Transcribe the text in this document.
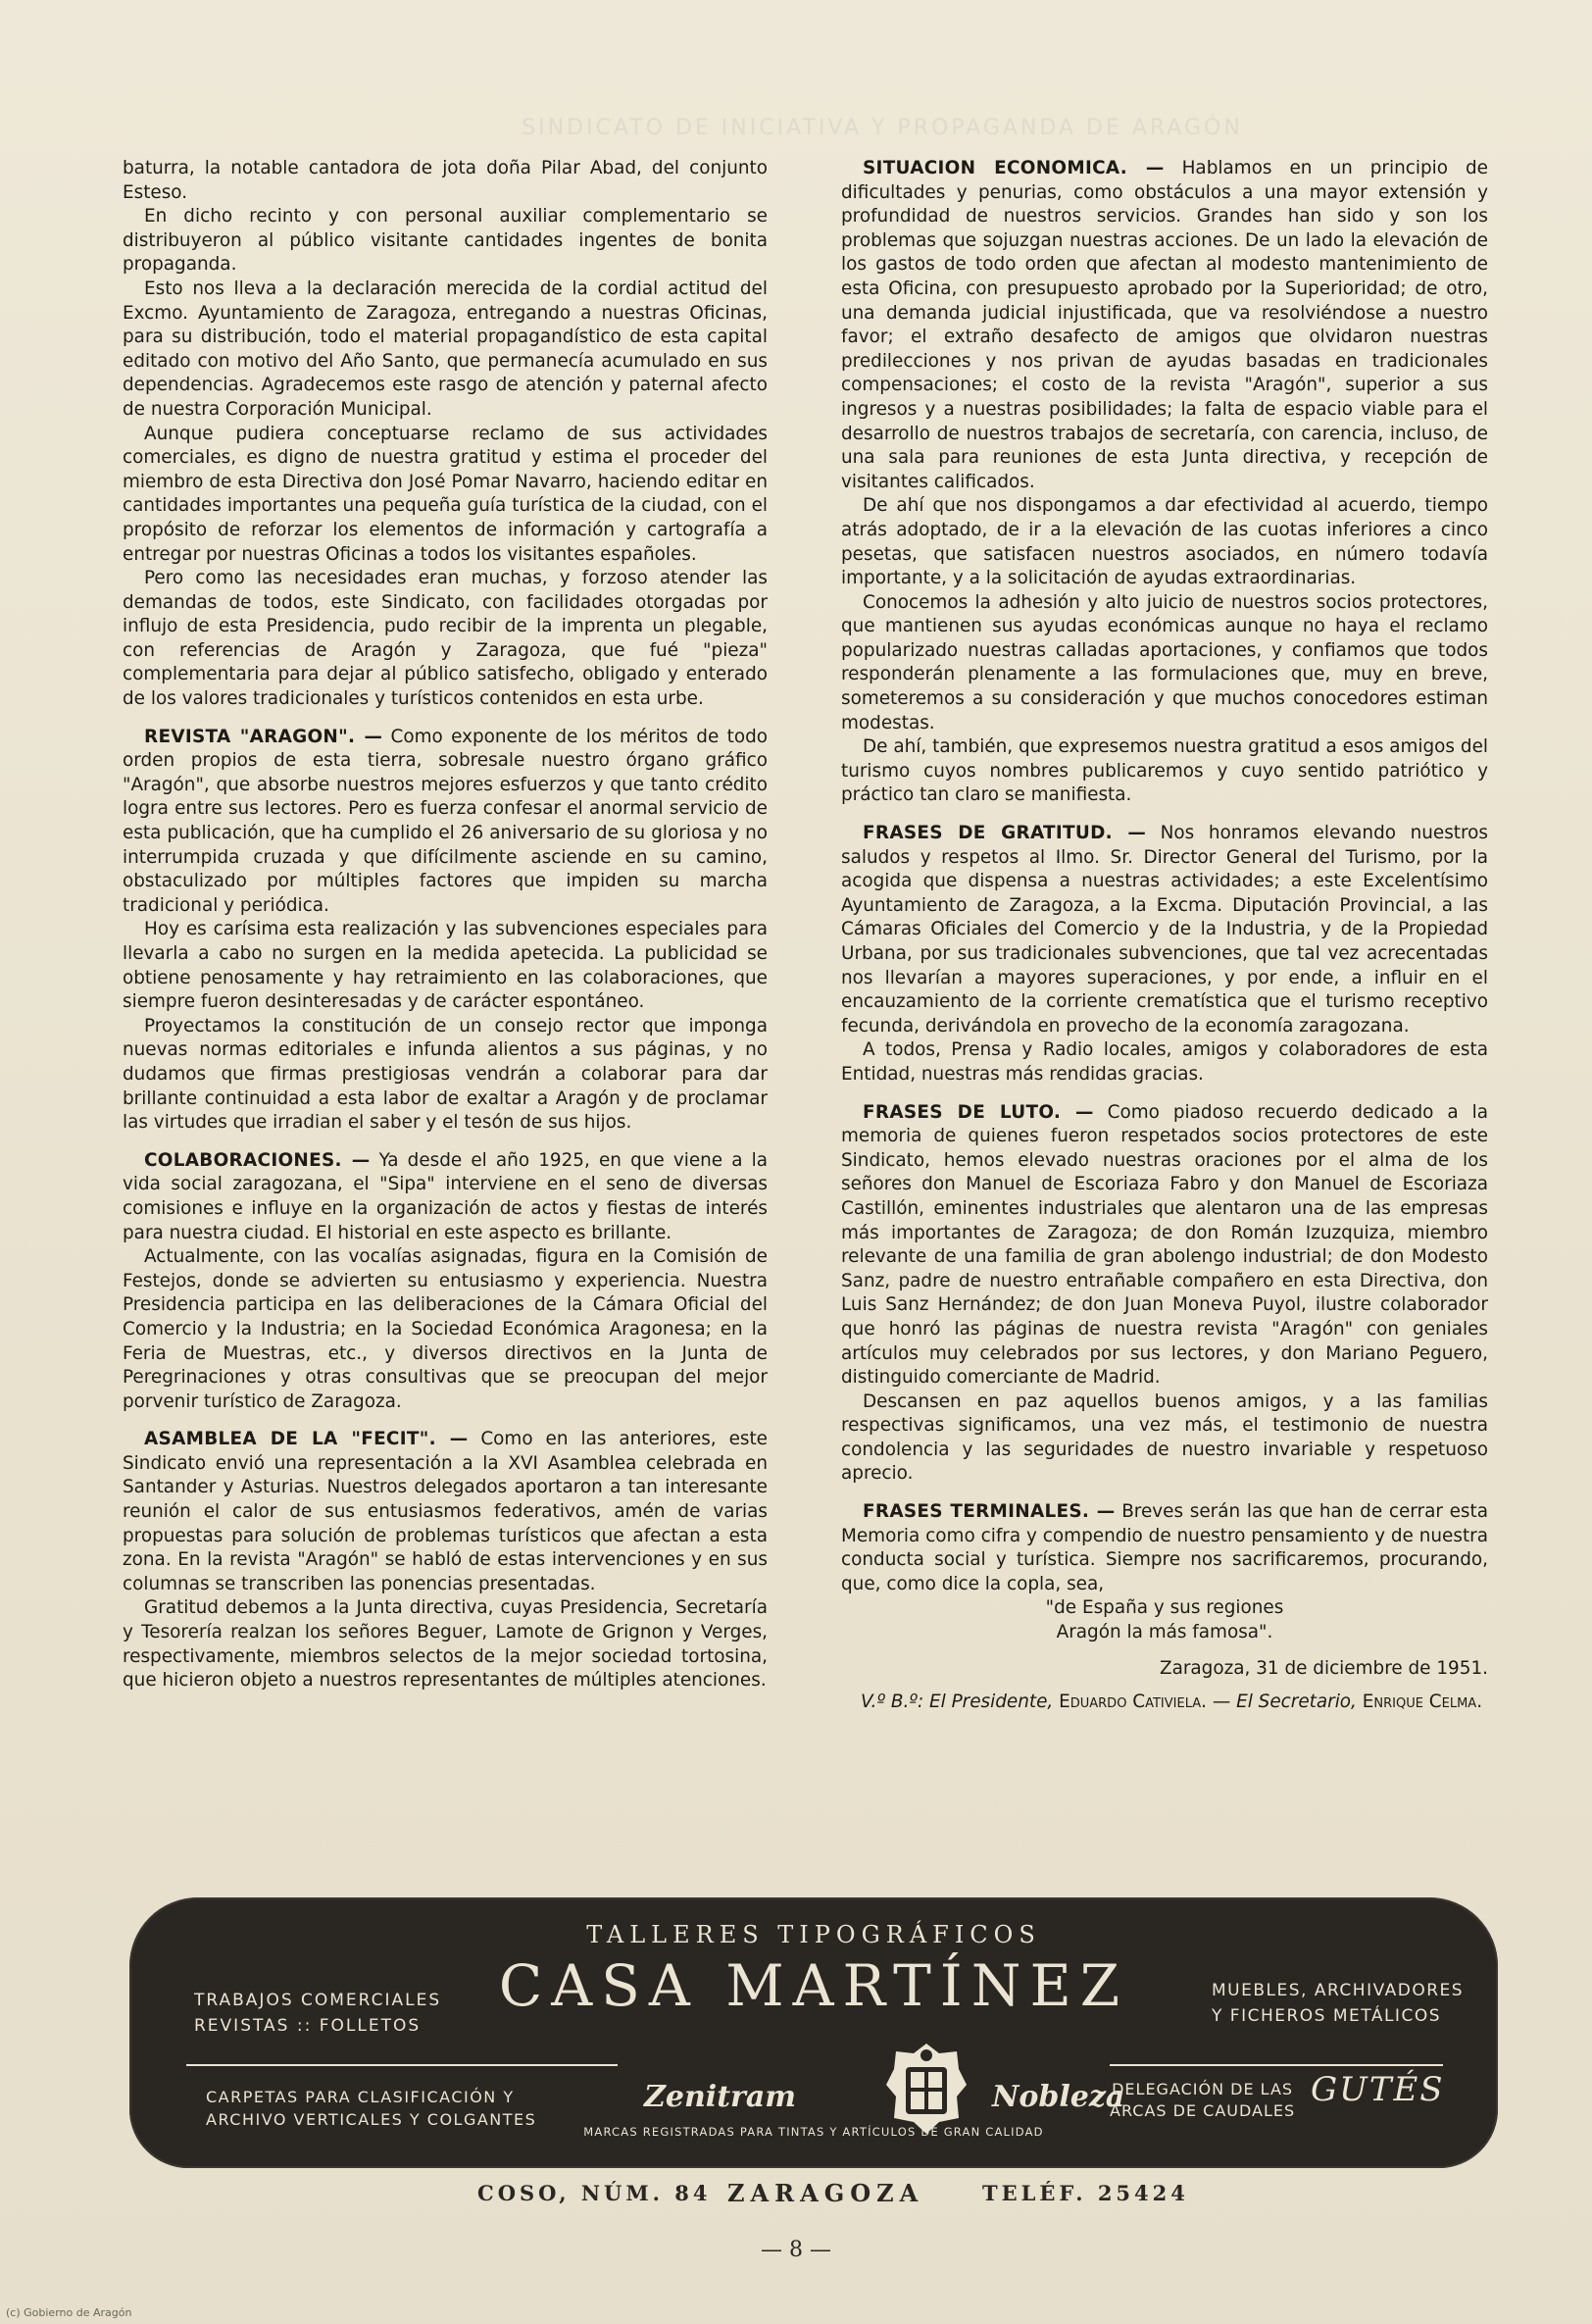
SINDICATO DE INICIATIVA Y PROPAGANDA DE ARAGÓN

baturra, la notable cantadora de jota doña Pilar Abad, del conjunto Esteso.

En dicho recinto y con personal auxiliar complementario se distribuyeron al público visitante cantidades ingentes de bonita propaganda.

Esto nos lleva a la declaración merecida de la cordial actitud del Excmo. Ayuntamiento de Zaragoza, entregando a nuestras Oficinas, para su distribución, todo el material propagandístico de esta capital editado con motivo del Año Santo, que permanecía acumulado en sus dependencias. Agradecemos este rasgo de atención y paternal afecto de nuestra Corporación Municipal.

Aunque pudiera conceptuarse reclamo de sus actividades comerciales, es digno de nuestra gratitud y estima el proceder del miembro de esta Directiva don José Pomar Navarro, haciendo editar en cantidades importantes una pequeña guía turística de la ciudad, con el propósito de reforzar los elementos de información y cartografía a entregar por nuestras Oficinas a todos los visitantes españoles.

Pero como las necesidades eran muchas, y forzoso atender las demandas de todos, este Sindicato, con facilidades otorgadas por influjo de esta Presidencia, pudo recibir de la imprenta un plegable, con referencias de Aragón y Zaragoza, que fué "pieza" complementaria para dejar al público satisfecho, obligado y enterado de los valores tradicionales y turísticos contenidos en esta urbe.

REVISTA "ARAGON". — Como exponente de los méritos de todo orden propios de esta tierra, sobresale nuestro órgano gráfico "Aragón", que absorbe nuestros mejores esfuerzos y que tanto crédito logra entre sus lectores. Pero es fuerza confesar el anormal servicio de esta publicación, que ha cumplido el 26 aniversario de su gloriosa y no interrumpida cruzada y que difícilmente asciende en su camino, obstaculizado por múltiples factores que impiden su marcha tradicional y periódica.

Hoy es carísima esta realización y las subvenciones especiales para llevarla a cabo no surgen en la medida apetecida. La publicidad se obtiene penosamente y hay retraimiento en las colaboraciones, que siempre fueron desinteresadas y de carácter espontáneo.

Proyectamos la constitución de un consejo rector que imponga nuevas normas editoriales e infunda alientos a sus páginas, y no dudamos que firmas prestigiosas vendrán a colaborar para dar brillante continuidad a esta labor de exaltar a Aragón y de proclamar las virtudes que irradian el saber y el tesón de sus hijos.

COLABORACIONES. — Ya desde el año 1925, en que viene a la vida social zaragozana, el "Sipa" interviene en el seno de diversas comisiones e influye en la organización de actos y fiestas de interés para nuestra ciudad. El historial en este aspecto es brillante.

Actualmente, con las vocalías asignadas, figura en la Comisión de Festejos, donde se advierten su entusiasmo y experiencia. Nuestra Presidencia participa en las deliberaciones de la Cámara Oficial del Comercio y la Industria; en la Sociedad Económica Aragonesa; en la Feria de Muestras, etc., y diversos directivos en la Junta de Peregrinaciones y otras consultivas que se preocupan del mejor porvenir turístico de Zaragoza.

ASAMBLEA DE LA "FECIT". — Como en las anteriores, este Sindicato envió una representación a la XVI Asamblea celebrada en Santander y Asturias. Nuestros delegados aportaron a tan interesante reunión el calor de sus entusiasmos federativos, amén de varias propuestas para solución de problemas turísticos que afectan a esta zona. En la revista "Aragón" se habló de estas intervenciones y en sus columnas se transcriben las ponencias presentadas.

Gratitud debemos a la Junta directiva, cuyas Presidencia, Secretaría y Tesorería realzan los señores Beguer, Lamote de Grignon y Verges, respectivamente, miembros selectos de la mejor sociedad tortosina, que hicieron objeto a nuestros representantes de múltiples atenciones.

SITUACION ECONOMICA. — Hablamos en un principio de dificultades y penurias, como obstáculos a una mayor extensión y profundidad de nuestros servicios. Grandes han sido y son los problemas que sojuzgan nuestras acciones. De un lado la elevación de los gastos de todo orden que afectan al modesto mantenimiento de esta Oficina, con presupuesto aprobado por la Superioridad; de otro, una demanda judicial injustificada, que va resolviéndose a nuestro favor; el extraño desafecto de amigos que olvidaron nuestras predilecciones y nos privan de ayudas basadas en tradicionales compensaciones; el costo de la revista "Aragón", superior a sus ingresos y a nuestras posibilidades; la falta de espacio viable para el desarrollo de nuestros trabajos de secretaría, con carencia, incluso, de una sala para reuniones de esta Junta directiva, y recepción de visitantes calificados.

De ahí que nos dispongamos a dar efectividad al acuerdo, tiempo atrás adoptado, de ir a la elevación de las cuotas inferiores a cinco pesetas, que satisfacen nuestros asociados, en número todavía importante, y a la solicitación de ayudas extraordinarias.

Conocemos la adhesión y alto juicio de nuestros socios protectores, que mantienen sus ayudas económicas aunque no haya el reclamo popularizado nuestras calladas aportaciones, y confiamos que todos responderán plenamente a las formulaciones que, muy en breve, someteremos a su consideración y que muchos conocedores estiman modestas.

De ahí, también, que expresemos nuestra gratitud a esos amigos del turismo cuyos nombres publicaremos y cuyo sentido patriótico y práctico tan claro se manifiesta.

FRASES DE GRATITUD. — Nos honramos elevando nuestros saludos y respetos al Ilmo. Sr. Director General del Turismo, por la acogida que dispensa a nuestras actividades; a este Excelentísimo Ayuntamiento de Zaragoza, a la Excma. Diputación Provincial, a las Cámaras Oficiales del Comercio y de la Industria, y de la Propiedad Urbana, por sus tradicionales subvenciones, que tal vez acrecentadas nos llevarían a mayores superaciones, y por ende, a influir en el encauzamiento de la corriente crematística que el turismo receptivo fecunda, derivándola en provecho de la economía zaragozana.

A todos, Prensa y Radio locales, amigos y colaboradores de esta Entidad, nuestras más rendidas gracias.

FRASES DE LUTO. — Como piadoso recuerdo dedicado a la memoria de quienes fueron respetados socios protectores de este Sindicato, hemos elevado nuestras oraciones por el alma de los señores don Manuel de Escoriaza Fabro y don Manuel de Escoriaza Castillón, eminentes industriales que alentaron una de las empresas más importantes de Zaragoza; de don Román Izuzquiza, miembro relevante de una familia de gran abolengo industrial; de don Modesto Sanz, padre de nuestro entrañable compañero en esta Directiva, don Luis Sanz Hernández; de don Juan Moneva Puyol, ilustre colaborador que honró las páginas de nuestra revista "Aragón" con geniales artículos muy celebrados por sus lectores, y don Mariano Peguero, distinguido comerciante de Madrid.

Descansen en paz aquellos buenos amigos, y a las familias respectivas significamos, una vez más, el testimonio de nuestra condolencia y las seguridades de nuestro invariable y respetuoso aprecio.

FRASES TERMINALES. — Breves serán las que han de cerrar esta Memoria como cifra y compendio de nuestro pensamiento y de nuestra conducta social y turística. Siempre nos sacrificaremos, procurando, que, como dice la copla, sea,

"de España y sus regiones

Aragón la más famosa".

Zaragoza, 31 de diciembre de 1951.

V.º B.º: El Presidente, Eduardo Cativiela. — El Secretario, Enrique Celma.

TALLERES TIPOGRÁFICOS
CASA MARTÍNEZ
TRABAJOS COMERCIALES
REVISTAS :: FOLLETOS
MUEBLES, ARCHIVADORES
Y FICHEROS METÁLICOS
CARPETAS PARA CLASIFICACIÓN Y
ARCHIVO VERTICALES Y COLGANTES
Zenitram	Nobleza
MARCAS REGISTRADAS PARA TINTAS Y ARTÍCULOS DE GRAN CALIDAD
DELEGACIÓN DE LAS
ARCAS DE CAUDALES
GUTÉS
COSO, NÚM. 84 ZARAGOZA	TELÉF. 25424
— 8 —
(c) Gobierno de Aragón
